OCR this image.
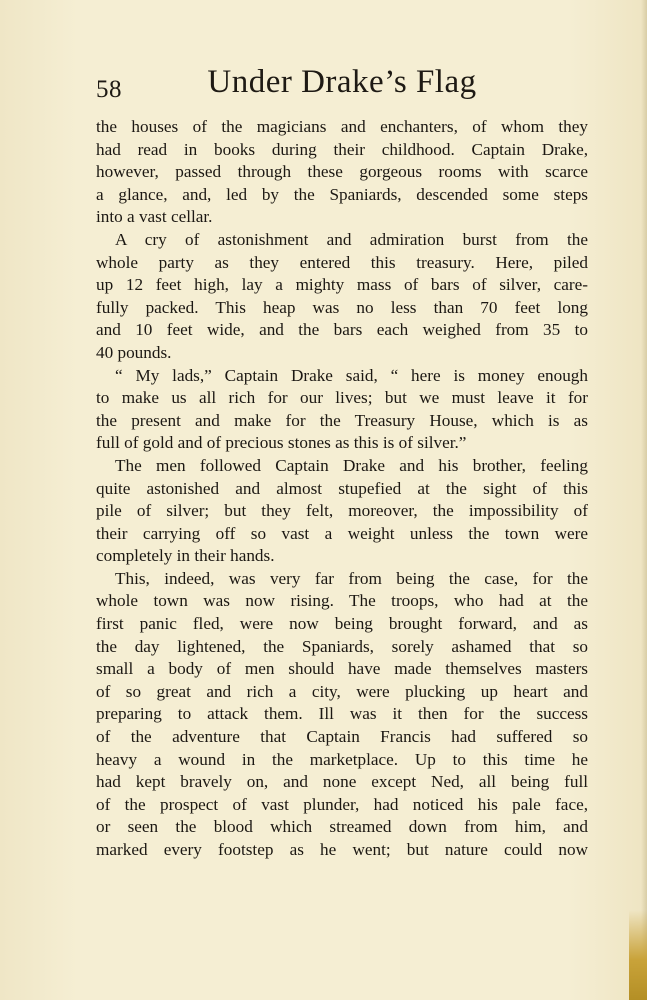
58	Under Drake’s Flag
the houses of the magicians and enchanters, of whom they
had read in books during their childhood. Captain Drake,
however, passed through these gorgeous rooms with scarce
a glance, and, led by the Spaniards, descended some steps
into a vast cellar.
A cry of astonishment and admiration burst from the
whole party as they entered this treasury. Here, piled
up 12 feet high, lay a mighty mass of bars of silver, care-
fully packed. This heap was no less than 70 feet long
and 10 feet wide, and the bars each weighed from 35 to
40 pounds.
“ My lads,” Captain Drake said, “ here is money enough
to make us all rich for our lives; but we must leave it for
the present and make for the Treasury House, which is as
full of gold and of precious stones as this is of silver.”
The men followed Captain Drake and his brother, feeling
quite astonished and almost stupefied at the sight of this
pile of silver; but they felt, moreover, the impossibility of
their carrying off so vast a weight unless the town were
completely in their hands.
This, indeed, was very far from being the case, for the
whole town was now rising. The troops, who had at the
first panic fled, were now being brought forward, and as
the day lightened, the Spaniards, sorely ashamed that so
small a body of men should have made themselves masters
of so great and rich a city, were plucking up heart and
preparing to attack them. Ill was it then for the success
of the adventure that Captain Francis had suffered so
heavy a wound in the marketplace. Up to this time he
had kept bravely on, and none except Ned, all being full
of the prospect of vast plunder, had noticed his pale face,
or seen the blood which streamed down from him, and
marked every footstep as he went; but nature could now
